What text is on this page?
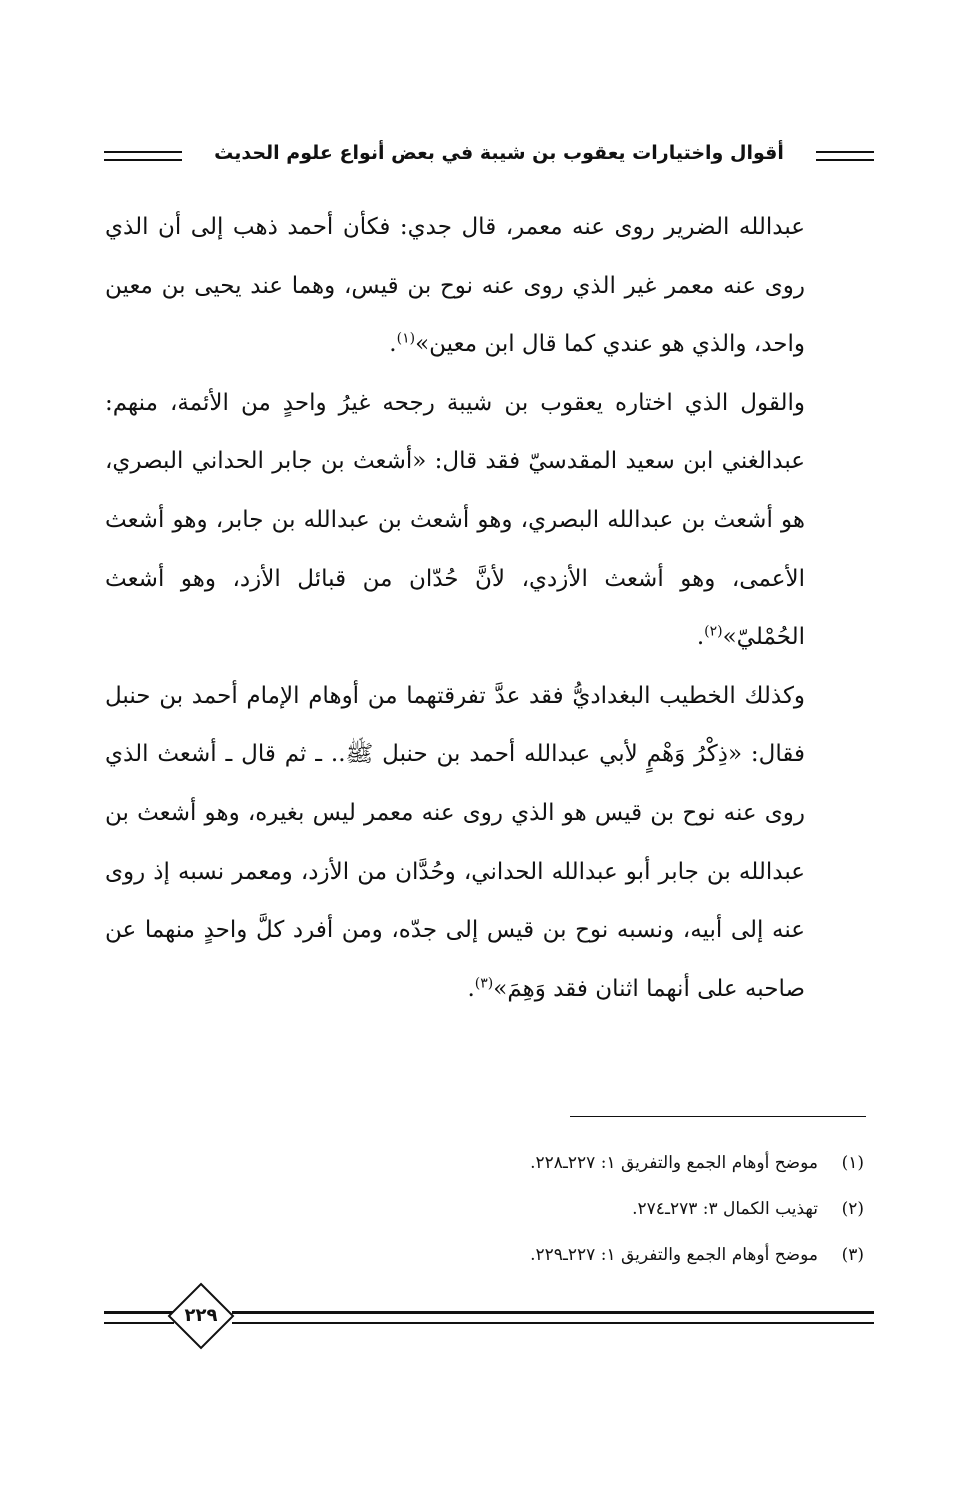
أقوال واختيارات يعقوب بن شيبة في بعض أنواع علوم الحديث

عبدالله الضرير روى عنه معمر، قال جدي: فكأن أحمد ذهب إلى أن الذي روى عنه معمر غير الذي روى عنه نوح بن قيس، وهما عند يحيى بن معين واحد، والذي هو عندي كما قال ابن معين»$^{(١)}$.

والقول الذي اختاره يعقوب بن شيبة رجحه غيرُ واحدٍ من الأئمة، منهم: عبدالغني ابن سعيد المقدسيّ فقد قال: «أشعث بن جابر الحداني البصري، هو أشعث بن عبدالله البصري، وهو أشعث بن عبدالله بن جابر، وهو أشعث الأعمى، وهو أشعث الأزدي، لأنَّ حُدّان من قبائل الأزد، وهو أشعث الحُمْليّ»$^{(٢)}$.

وكذلك الخطيب البغداديُّ فقد عدَّ تفرقتهما من أوهام الإمام أحمد بن حنبل فقال: «ذِكْرُ وَهْمٍ لأبي عبدالله أحمد بن حنبل ﷺ.. ـ ثم قال ـ أشعث الذي روى عنه نوح بن قيس هو الذي روى عنه معمر ليس بغيره، وهو أشعث بن عبدالله بن جابر أبو عبدالله الحداني، وحُدَّان من الأزد، ومعمر نسبه إذ روى عنه إلى أبيه، ونسبه نوح بن قيس إلى جدّه، ومن أفرد كلَّ واحدٍ منهما عن صاحبه على أنهما اثنان فقد وَهِمَ»$^{(٣)}$.

(١)موضح أوهام الجمع والتفريق ١: ٢٢٧ـ٢٢٨.

(٢)تهذيب الكمال ٣: ٢٧٣ـ٢٧٤.

(٣)موضح أوهام الجمع والتفريق ١: ٢٢٧ـ٢٢٩.

٢٢٩
